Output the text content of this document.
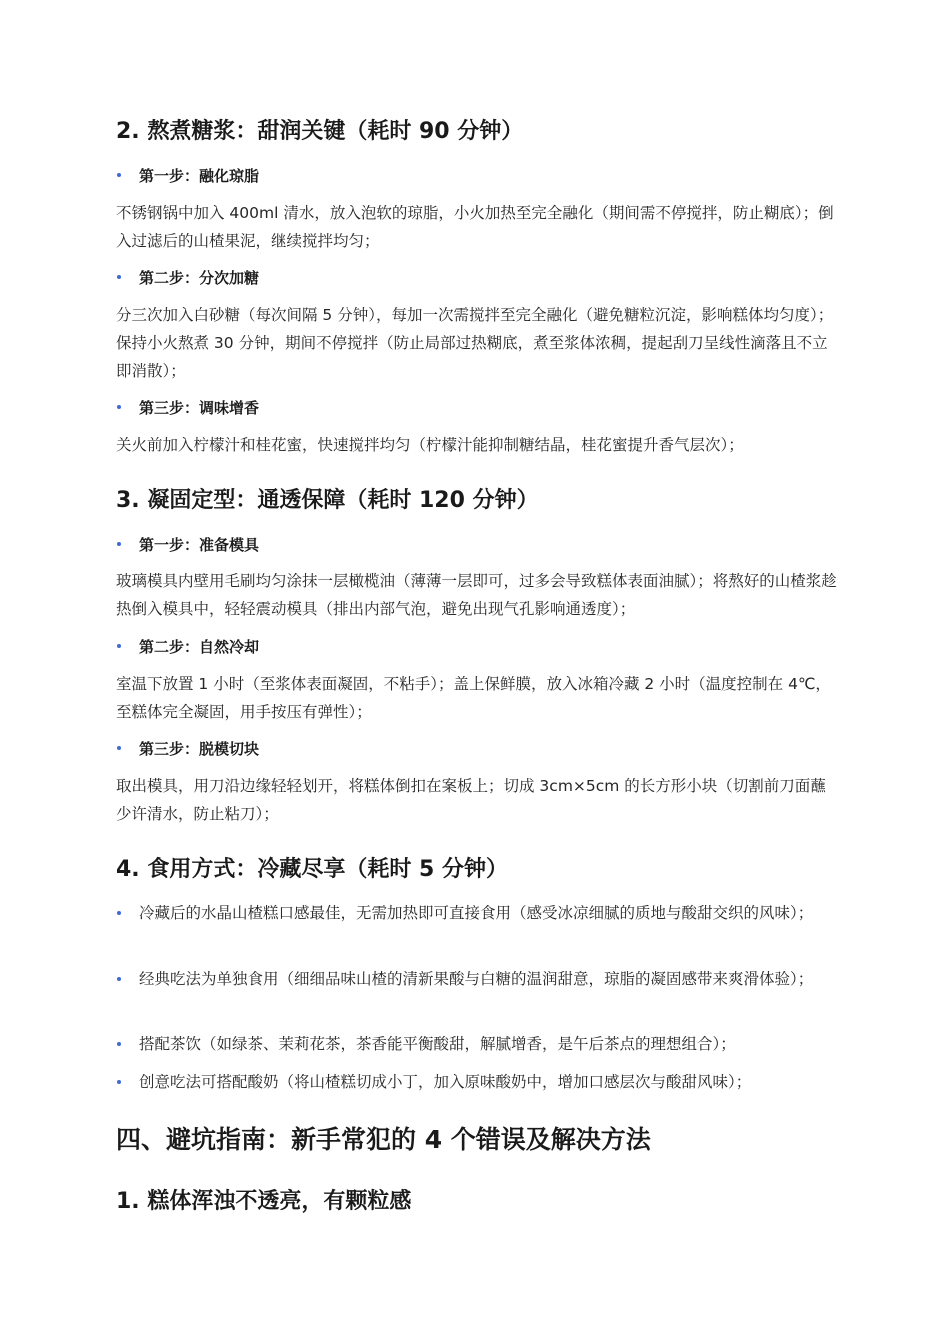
2. 熬煮糖浆：甜润关键（耗时 90 分钟）
第一步：融化琼脂

不锈钢锅中加入 400ml 清水，放入泡软的琼脂，小火加热至完全融化（期间需不停搅拌，防止糊底）；倒入过滤后的山楂果泥，继续搅拌均匀；

第二步：分次加糖

分三次加入白砂糖（每次间隔 5 分钟），每加一次需搅拌至完全融化（避免糖粒沉淀，影响糕体均匀度）；保持小火熬煮 30 分钟，期间不停搅拌（防止局部过热糊底，煮至浆体浓稠，提起刮刀呈线性滴落且不立即消散）；

第三步：调味增香

关火前加入柠檬汁和桂花蜜，快速搅拌均匀（柠檬汁能抑制糖结晶，桂花蜜提升香气层次）；

3. 凝固定型：通透保障（耗时 120 分钟）
第一步：准备模具

玻璃模具内壁用毛刷均匀涂抹一层橄榄油（薄薄一层即可，过多会导致糕体表面油腻）；将熬好的山楂浆趁热倒入模具中，轻轻震动模具（排出内部气泡，避免出现气孔影响通透度）；

第二步：自然冷却

室温下放置 1 小时（至浆体表面凝固，不粘手）；盖上保鲜膜，放入冰箱冷藏 2 小时（温度控制在 4℃，至糕体完全凝固，用手按压有弹性）；

第三步：脱模切块

取出模具，用刀沿边缘轻轻划开，将糕体倒扣在案板上；切成 3cm×5cm 的长方形小块（切割前刀面蘸少许清水，防止粘刀）；

4. 食用方式：冷藏尽享（耗时 5 分钟）

冷藏后的水晶山楂糕口感最佳，无需加热即可直接食用（感受冰凉细腻的质地与酸甜交织的风味）；

经典吃法为单独食用（细细品味山楂的清新果酸与白糖的温润甜意，琼脂的凝固感带来爽滑体验）；

搭配茶饮（如绿茶、茉莉花茶，茶香能平衡酸甜，解腻增香，是午后茶点的理想组合）；

创意吃法可搭配酸奶（将山楂糕切成小丁，加入原味酸奶中，增加口感层次与酸甜风味）；

四、避坑指南：新手常犯的 4 个错误及解决方法
1. 糕体浑浊不透亮，有颗粒感
